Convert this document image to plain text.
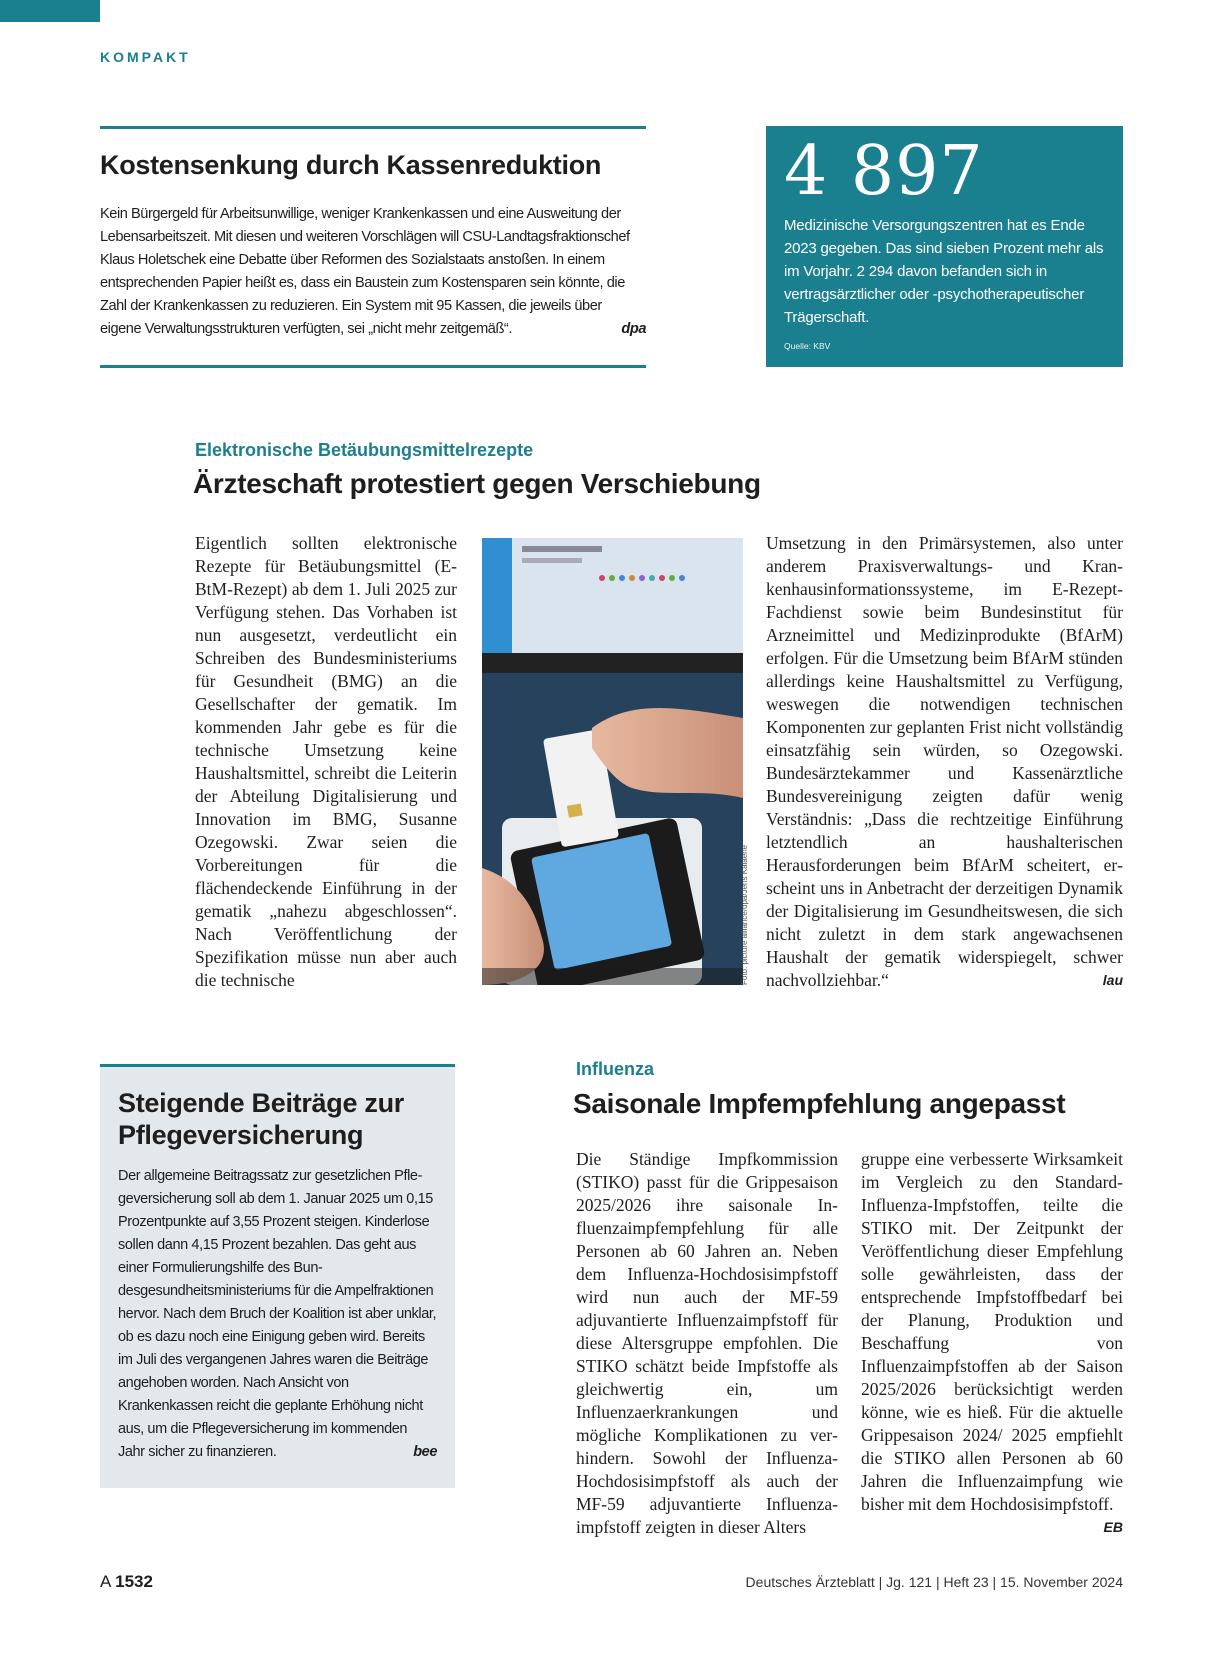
KOMPAKT
Kostensenkung durch Kassenreduktion

Kein Bürgergeld für Arbeitsunwillige, weniger Krankenkassen und eine Ausweitung der Lebensarbeitszeit. Mit diesen und weiteren Vorschlägen will CSU-Landtagsfraktionschef Klaus Holetschek eine Debatte über Reformen des Sozialstaats anstoßen. In einem entsprechenden Papier heißt es, dass ein Baustein zum Kostensparen sein könnte, die Zahl der Krankenkassen zu reduzieren. Ein System mit 95 Kassen, die jeweils über eigene Verwaltungsstrukturen verfügten, sei „nicht mehr zeitgemäß“.	dpa

4 897
Medizinische Versorgungszentren hat es Ende 2023 gegeben. Das sind sieben Prozent mehr als im Vorjahr. 2 294 davon befanden sich in vertragsärztlicher oder -psychotherapeutischer Trägerschaft.
Quelle: KBV
Elektronische Betäubungsmittelrezepte
Ärzteschaft protestiert gegen Verschiebung
Eigentlich sollten elektronische Rezepte für Betäubungsmittel (E-BtM-Rezept) ab dem 1. Juli 2025 zur Verfügung stehen. Das Vorhaben ist nun ausgesetzt, verdeutlicht ein Schreiben des Bundesministeriums für Gesundheit (BMG) an die Gesellschafter der gematik. Im kommenden Jahr gebe es für die technische Umsetzung keine Haushaltsmittel, schreibt die Leiterin der Abteilung Digitalisierung und Innovation im BMG, Susanne Ozegowski. Zwar seien die Vorbereitungen für die flächendeckende Einführung in der gematik „nahezu abgeschlossen“. Nach Veröffentlichung der Spezifikation müsse nun aber auch die technische	Foto: picture alliance/dpa/Jens Kalaene
Umsetzung in den Primärsystemen, also unter anderem Praxisverwaltungs- und Krankenhausinformationssysteme, im E-Rezept-Fachdienst sowie beim Bundesinstitut für Arzneimittel und Medizinprodukte (BfArM) erfolgen. Für die Umsetzung beim BfArM stünden allerdings keine Haushaltsmittel zu Verfügung, weswegen die notwendigen technischen Komponenten zur geplanten Frist nicht vollständig einsatzfähig sein würden, so Ozegowski. Bundesärztekammer und Kassenärztliche Bundesvereinigung zeigten dafür wenig Verständnis: „Dass die rechtzeitige Einführung letztendlich an haushalterischen Herausforderungen beim BfArM scheitert, erscheint uns in Anbetracht der derzeitigen Dynamik der Digitalisierung im Gesundheitswesen, die sich nicht zuletzt in dem stark angewachsenen Haushalt der gematik widerspiegelt, schwer nachvollziehbar.“	lau
Steigende Beiträge zur Pflegeversicherung

Der allgemeine Beitragssatz zur gesetzlichen Pflegeversicherung soll ab dem 1. Januar 2025 um 0,15 Prozentpunkte auf 3,55 Prozent steigen. Kinderlose sollen dann 4,15 Prozent bezahlen. Das geht aus einer Formulierungshilfe des Bundesgesundheitsministeriums für die Ampelfraktionen hervor. Nach dem Bruch der Koalition ist aber unklar, ob es dazu noch eine Einigung geben wird. Bereits im Juli des vergangenen Jahres waren die Beiträge angehoben worden. Nach Ansicht von Krankenkassen reicht die geplante Erhöhung nicht aus, um die Pflegeversicherung im kommenden Jahr sicher zu finanzieren.	bee

Influenza
Saisonale Impfempfehlung angepasst
Die Ständige Impfkommission (STIKO) passt für die Grippesaison 2025/2026 ihre saisonale Influenzaimpfempfehlung für alle Personen ab 60 Jahren an. Neben dem Influenza-Hochdosisimpfstoff wird nun auch der MF-59 adjuvantierte Influenzaimpfstoff für diese Altersgruppe empfohlen. Die STIKO schätzt beide Impfstoffe als gleichwertig ein, um Influenzaerkrankungen und mögliche Komplikationen zu verhindern. Sowohl der Influenza-Hochdosisimpfstoff als auch der MF-59 adjuvantierte Influenzaimpfstoff zeigten in dieser Alters
gruppe eine verbesserte Wirksamkeit im Vergleich zu den Standard-Influenza-Impfstoffen, teilte die STIKO mit. Der Zeitpunkt der Veröffentlichung dieser Empfehlung solle gewährleisten, dass der entsprechende Impfstoffbedarf bei der Planung, Produktion und Beschaffung von Influenzaimpfstoffen ab der Saison 2025/2026 berücksichtigt werden könne, wie es hieß. Für die aktuelle Grippesaison 2024/ 2025 empfiehlt die STIKO allen Personen ab 60 Jahren die Influenzaimpfung wie bisher mit dem Hochdosisimpfstoff.
EB
A 1532	Deutsches Ärzteblatt | Jg. 121 | Heft 23 | 15. November 2024
